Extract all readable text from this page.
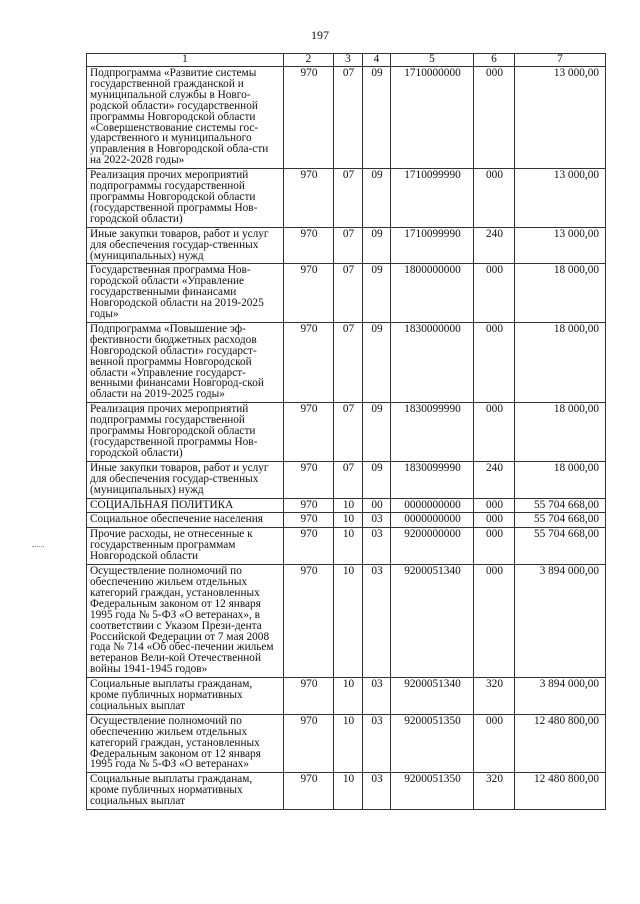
197
1	2	3	4	5	6	7
Подпрограмма «Развитие системы государственной гражданской и муниципальной службы в Новго-родской области» государственной программы Новгородской области «Совершенствование системы гос-ударственного и муниципального управления в Новгородской обла-сти на 2022-2028 годы»	970	07	09	1710000000	000	13 000,00
Реализация прочих мероприятий подпрограммы государственной программы Новгородской области (государственной программы Нов-городской области)	970	07	09	1710099990	000	13 000,00
Иные закупки товаров, работ и услуг для обеспечения государ-ственных (муниципальных) нужд	970	07	09	1710099990	240	13 000,00
Государственная программа Нов-городской области «Управление государственными финансами Новгородской области на 2019-2025 годы»	970	07	09	1800000000	000	18 000,00
Подпрограмма «Повышение эф-фективности бюджетных расходов Новгородской области» государст-венной программы Новгородской области «Управление государст-венными финансами Новгород-ской области на 2019-2025 годы»	970	07	09	1830000000	000	18 000,00
Реализация прочих мероприятий подпрограммы государственной программы Новгородской области (государственной программы Нов-городской области)	970	07	09	1830099990	000	18 000,00
Иные закупки товаров, работ и услуг для обеспечения государ-ственных (муниципальных) нужд	970	07	09	1830099990	240	18 000,00
СОЦИАЛЬНАЯ ПОЛИТИКА	970	10	00	0000000000	000	55 704 668,00
Социальное обеспечение населения	970	10	03	0000000000	000	55 704 668,00
Прочие расходы, не отнесенные к государственным программам Новгородской области	970	10	03	9200000000	000	55 704 668,00
Осуществление полномочий по обеспечению жильем отдельных категорий граждан, установленных Федеральным законом от 12 января 1995 года № 5-ФЗ «О ветеранах», в соответствии с Указом Прези-дента Российской Федерации от 7 мая 2008 года № 714 «Об обес-печении жильем ветеранов Вели-кой Отечественной войны 1941-1945 годов»	970	10	03	9200051340	000	3 894 000,00
Социальные выплаты гражданам, кроме публичных нормативных социальных выплат	970	10	03	9200051340	320	3 894 000,00
Осуществление полномочий по обеспечению жильем отдельных категорий граждан, установленных Федеральным законом от 12 января 1995 года № 5-ФЗ «О ветеранах»	970	10	03	9200051350	000	12 480 800,00
Социальные выплаты гражданам, кроме публичных нормативных социальных выплат	970	10	03	9200051350	320	12 480 800,00
